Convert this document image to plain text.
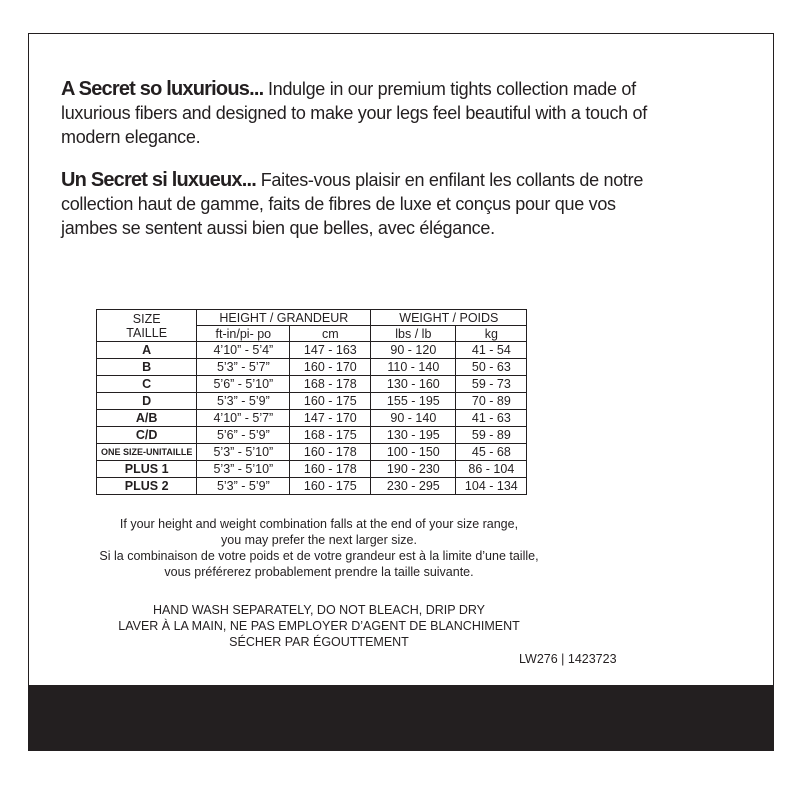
A Secret so luxurious... Indulge in our premium tights collection made of luxurious fibers and designed to make your legs feel beautiful with a touch of modern elegance.

Un Secret si luxueux... Faites-vous plaisir en enfilant les collants de notre collection haut de gamme, faits de fibres de luxe et conçus pour que vos jambes se sentent aussi bien que belles, avec élégance.

SIZE
TAILLE	HEIGHT / GRANDEUR		WEIGHT / POIDS	
	ft-in/pi- po	cm	lbs / lb	kg
A	4’10” - 5’4”	147 - 163	90 - 120	41 - 54
B	5’3” - 5’7”	160 - 170	110 - 140	50 - 63
C	5’6” - 5’10”	168 - 178	130 - 160	59 - 73
D	5’3” - 5’9”	160 - 175	155 - 195	70 - 89
A/B	4’10” - 5’7”	147 - 170	90 - 140	41 - 63
C/D	5’6” - 5’9”	168 - 175	130 - 195	59 - 89
ONE SIZE-UNITAILLE	5’3” - 5’10”	160 - 178	100 - 150	45 - 68
PLUS 1	5’3” - 5’10”	160 - 178	190 - 230	86 - 104
PLUS 2	5’3” - 5’9”	160 - 175	230 - 295	104 - 134
If your height and weight combination falls at the end of your size range,
you may prefer the next larger size.
Si la combinaison de votre poids et de votre grandeur est à la limite d’une taille,
vous préférerez probablement prendre la taille suivante.
HAND WASH SEPARATELY, DO NOT BLEACH, DRIP DRY
LAVER À LA MAIN, NE PAS EMPLOYER D’AGENT DE BLANCHIMENT
SÉCHER PAR ÉGOUTTEMENT
LW276 | 1423723
